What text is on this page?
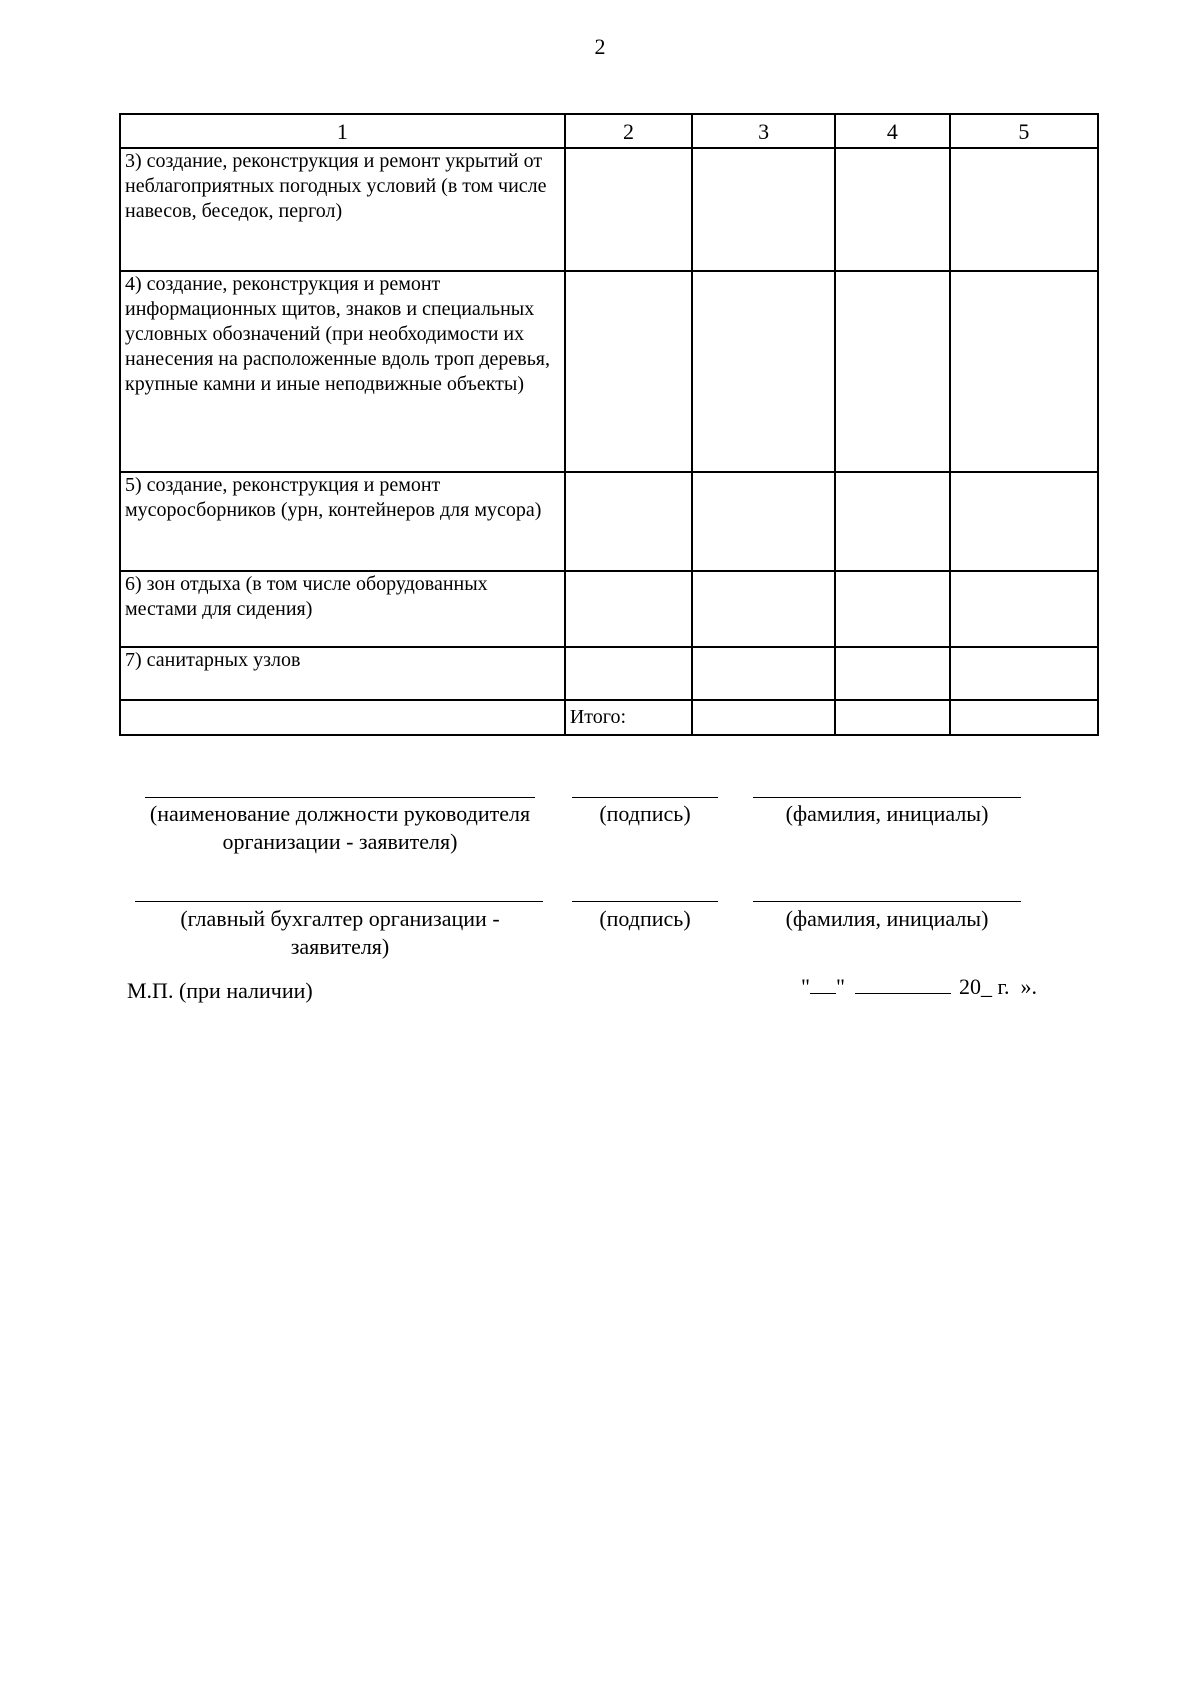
2
1	2	3	4	5
3) создание, реконструкция и ремонт укрытий от неблагоприятных погодных условий (в том числе навесов, беседок, пергол)				
4) создание, реконструкция и ремонт информационных щитов, знаков и специальных условных обозначений (при необходимости их нанесения на расположенные вдоль троп деревья, крупные камни и иные неподвижные объекты)				
5) создание, реконструкция и ремонт мусоросборников (урн, контейнеров для мусора)				
6) зон отдыха (в том числе оборудованных местами для сидения)				
7) санитарных узлов				
	Итого:			
(наименование должности руководителя организации - заявителя)
(подпись)	(фамилия, инициалы)
(главный бухгалтер организации - заявителя)
(подпись)	(фамилия, инициалы)
М.П. (при наличии)	" "	20_ г. ».
